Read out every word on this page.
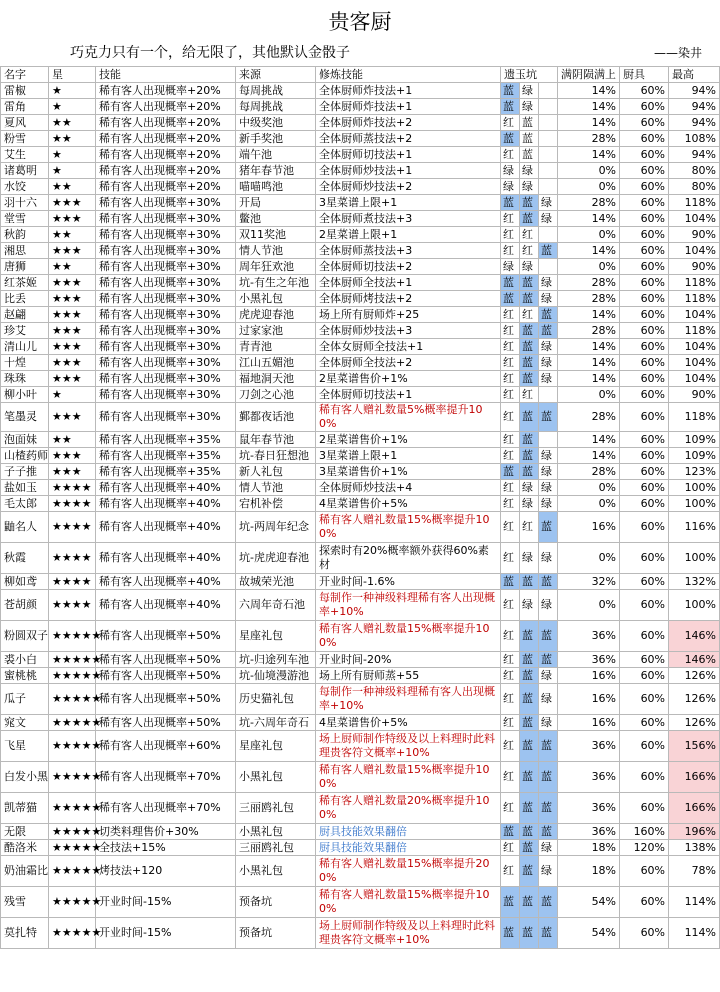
贵客厨
巧克力只有一个，给无限了，其他默认金骰子	——染井
名字	星	技能	来源	修炼技能	遗玉坑			满阴陨满上	厨具	最高
雷椒	★	稀有客人出现概率+20%	每周挑战	全体厨师炸技法+1	蓝	绿		14%	60%	94%
雷角	★	稀有客人出现概率+20%	每周挑战	全体厨师炸技法+1	蓝	绿		14%	60%	94%
夏风	★★	稀有客人出现概率+20%	中级奖池	全体厨师炸技法+2	红	蓝		14%	60%	94%
粉雪	★★	稀有客人出现概率+20%	新手奖池	全体厨师蒸技法+2	蓝	蓝		28%	60%	108%
艾生	★	稀有客人出现概率+20%	端午池	全体厨师切技法+1	红	蓝		14%	60%	94%
诸葛明	★	稀有客人出现概率+20%	猪年春节池	全体厨师炒技法+1	绿	绿		0%	60%	80%
水饺	★★	稀有客人出现概率+20%	喵喵鸣池	全体厨师炒技法+2	绿	绿		0%	60%	80%
羽十六	★★★	稀有客人出现概率+30%	开局	3星菜谱上限+1	蓝	蓝	绿	28%	60%	118%
堂雪	★★★	稀有客人出现概率+30%	鳖池	全体厨师煮技法+3	红	蓝	绿	14%	60%	104%
秋韵	★★	稀有客人出现概率+30%	双11奖池	2星菜谱上限+1	红	红		0%	60%	90%
湘思	★★★	稀有客人出现概率+30%	情人节池	全体厨师蒸技法+3	红	红	蓝	14%	60%	104%
唐狮	★★	稀有客人出现概率+30%	周年狂欢池	全体厨师切技法+2	绿	绿		0%	60%	90%
红茶姬	★★★	稀有客人出现概率+30%	坑-有生之年池	全体厨师全技法+1	蓝	蓝	绿	28%	60%	118%
比丢	★★★	稀有客人出现概率+30%	小黑礼包	全体厨师烤技法+2	蓝	蓝	绿	28%	60%	118%
赵翩	★★★	稀有客人出现概率+30%	虎虎迎春池	场上所有厨师炸+25	红	红	蓝	14%	60%	104%
珍艾	★★★	稀有客人出现概率+30%	过家家池	全体厨师炒技法+3	红	蓝	蓝	28%	60%	118%
清山儿	★★★	稀有客人出现概率+30%	青青池	全体女厨师全技法+1	红	蓝	绿	14%	60%	104%
十煌	★★★	稀有客人出现概率+30%	江山五媚池	全体厨师全技法+2	红	蓝	绿	14%	60%	104%
珠珠	★★★	稀有客人出现概率+30%	福地洞天池	2星菜谱售价+1%	红	蓝	绿	14%	60%	104%
柳小叶	★	稀有客人出现概率+30%	刀剑之心池	全体厨师切技法+1	红	红		0%	60%	90%
笔墨灵	★★★	稀有客人出现概率+30%	鄞都夜话池	稀有客人赠礼数量5%概率提升100%	红	蓝	蓝	28%	60%	118%
泡面妹	★★	稀有客人出现概率+35%	鼠年春节池	2星菜谱售价+1%	红	蓝		14%	60%	109%
山楂药师	★★★	稀有客人出现概率+35%	坑-春日狂想池	3星菜谱上限+1	红	蓝	绿	14%	60%	109%
子子推	★★★	稀有客人出现概率+35%	新人礼包	3星菜谱售价+1%	蓝	蓝	绿	28%	60%	123%
盐如玉	★★★★	稀有客人出现概率+40%	情人节池	全体厨师炒技法+4	红	绿	绿	0%	60%	100%
毛太郎	★★★★	稀有客人出现概率+40%	宕机补偿	4星菜谱售价+5%	红	绿	绿	0%	60%	100%
鼬名人	★★★★	稀有客人出现概率+40%	坑-两周年纪念	稀有客人赠礼数量15%概率提升100%	红	红	蓝	16%	60%	116%
秋霞	★★★★	稀有客人出现概率+40%	坑-虎虎迎春池	探索时有20%概率额外获得60%素材	红	绿	绿	0%	60%	100%
柳如鸢	★★★★	稀有客人出现概率+40%	故城荣光池	开业时间-1.6%	蓝	蓝	蓝	32%	60%	132%
苍胡颜	★★★★	稀有客人出现概率+40%	六周年奇石池	每制作一种神级料理稀有客人出现概率+10%	红	绿	绿	0%	60%	100%
粉圆双子	★★★★★	稀有客人出现概率+50%	星座礼包	稀有客人赠礼数量15%概率提升100%	红	蓝	蓝	36%	60%	146%
裘小白	★★★★★	稀有客人出现概率+50%	坑-归途列车池	开业时间-20%	红	蓝	蓝	36%	60%	146%
蜜桃桃	★★★★★	稀有客人出现概率+50%	坑-仙境漫游池	场上所有厨师蒸+55	红	蓝	绿	16%	60%	126%
瓜子	★★★★★	稀有客人出现概率+50%	历史猫礼包	每制作一种神级料理稀有客人出现概率+10%	红	蓝	绿	16%	60%	126%
窕文	★★★★★	稀有客人出现概率+50%	坑-六周年奇石	4星菜谱售价+5%	红	蓝	绿	16%	60%	126%
飞星	★★★★★	稀有客人出现概率+60%	星座礼包	场上厨师制作特级及以上料理时此料理贵客符文概率+10%	红	蓝	蓝	36%	60%	156%
白发小黑	★★★★★	稀有客人出现概率+70%	小黑礼包	稀有客人赠礼数量15%概率提升100%	红	蓝	蓝	36%	60%	166%
凯蒂猫	★★★★★	稀有客人出现概率+70%	三丽鸥礼包	稀有客人赠礼数量20%概率提升100%	红	蓝	蓝	36%	60%	166%
无限	★★★★★	切类料理售价+30%	小黑礼包	厨具技能效果翻倍	蓝	蓝	蓝	36%	160%	196%
酷洛米	★★★★★	全技法+15%	三丽鸥礼包	厨具技能效果翻倍	红	蓝	绿	18%	120%	138%
奶油霜比	★★★★★	烤技法+120	小黑礼包	稀有客人赠礼数量15%概率提升200%	红	蓝	绿	18%	60%	78%
残雪	★★★★★	开业时间-15%	预备坑	稀有客人赠礼数量15%概率提升100%	蓝	蓝	蓝	54%	60%	114%
莫扎特	★★★★★	开业时间-15%	预备坑	场上厨师制作特级及以上料理时此料理贵客符文概率+10%	蓝	蓝	蓝	54%	60%	114%
